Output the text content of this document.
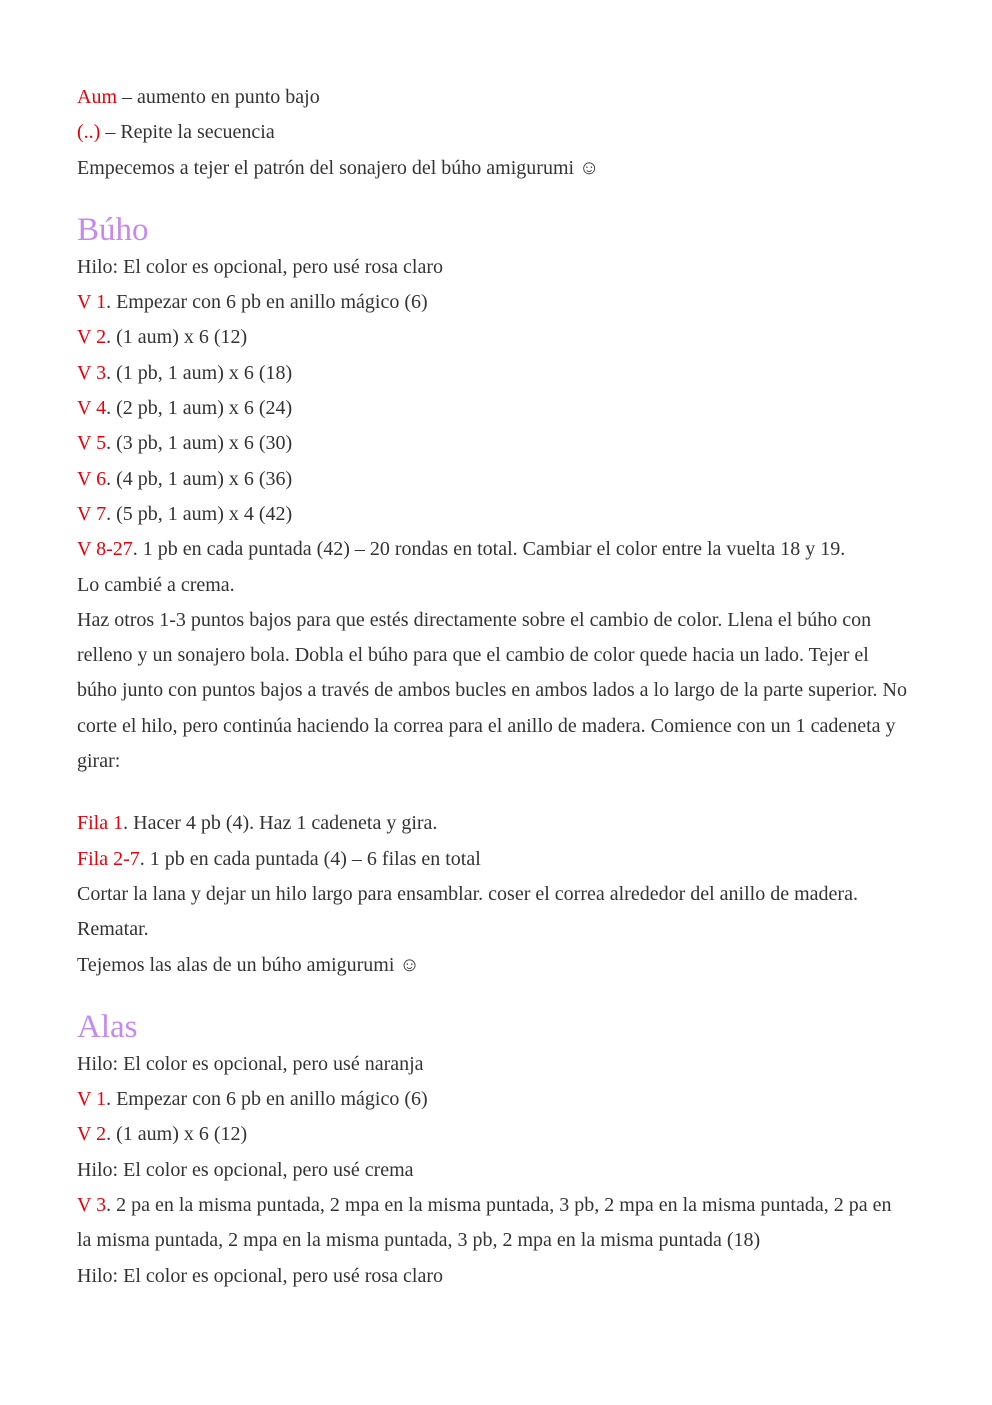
Aum – aumento en punto bajo
(..) – Repite la secuencia
Empecemos a tejer el patrón del sonajero del búho amigurumi ☺
Búho
Hilo: El color es opcional, pero usé rosa claro
V 1. Empezar con 6 pb en anillo mágico (6)
V 2. (1 aum) x 6 (12)
V 3. (1 pb, 1 aum) x 6 (18)
V 4. (2 pb, 1 aum) x 6 (24)
V 5. (3 pb, 1 aum) x 6 (30)
V 6. (4 pb, 1 aum) x 6 (36)
V 7. (5 pb, 1 aum) x 4 (42)
V 8-27. 1 pb en cada puntada (42) – 20 rondas en total. Cambiar el color entre la vuelta 18 y 19.
Lo cambié a crema.
Haz otros 1-3 puntos bajos para que estés directamente sobre el cambio de color. Llena el búho con relleno y un sonajero bola. Dobla el búho para que el cambio de color quede hacia un lado. Tejer el búho junto con puntos bajos a través de ambos bucles en ambos lados a lo largo de la parte superior. No corte el hilo, pero continúa haciendo la correa para el anillo de madera. Comience con un 1 cadeneta y girar:
Fila 1. Hacer 4 pb (4). Haz 1 cadeneta y gira.
Fila 2-7. 1 pb en cada puntada (4) – 6 filas en total
Cortar la lana y dejar un hilo largo para ensamblar. coser el correa alrededor del anillo de madera. Rematar.
Tejemos las alas de un búho amigurumi ☺
Alas
Hilo: El color es opcional, pero usé naranja
V 1. Empezar con 6 pb en anillo mágico (6)
V 2. (1 aum) x 6 (12)
Hilo: El color es opcional, pero usé crema
V 3. 2 pa en la misma puntada, 2 mpa en la misma puntada, 3 pb, 2 mpa en la misma puntada, 2 pa en la misma puntada, 2 mpa en la misma puntada, 3 pb, 2 mpa en la misma puntada (18)
Hilo: El color es opcional, pero usé rosa claro
